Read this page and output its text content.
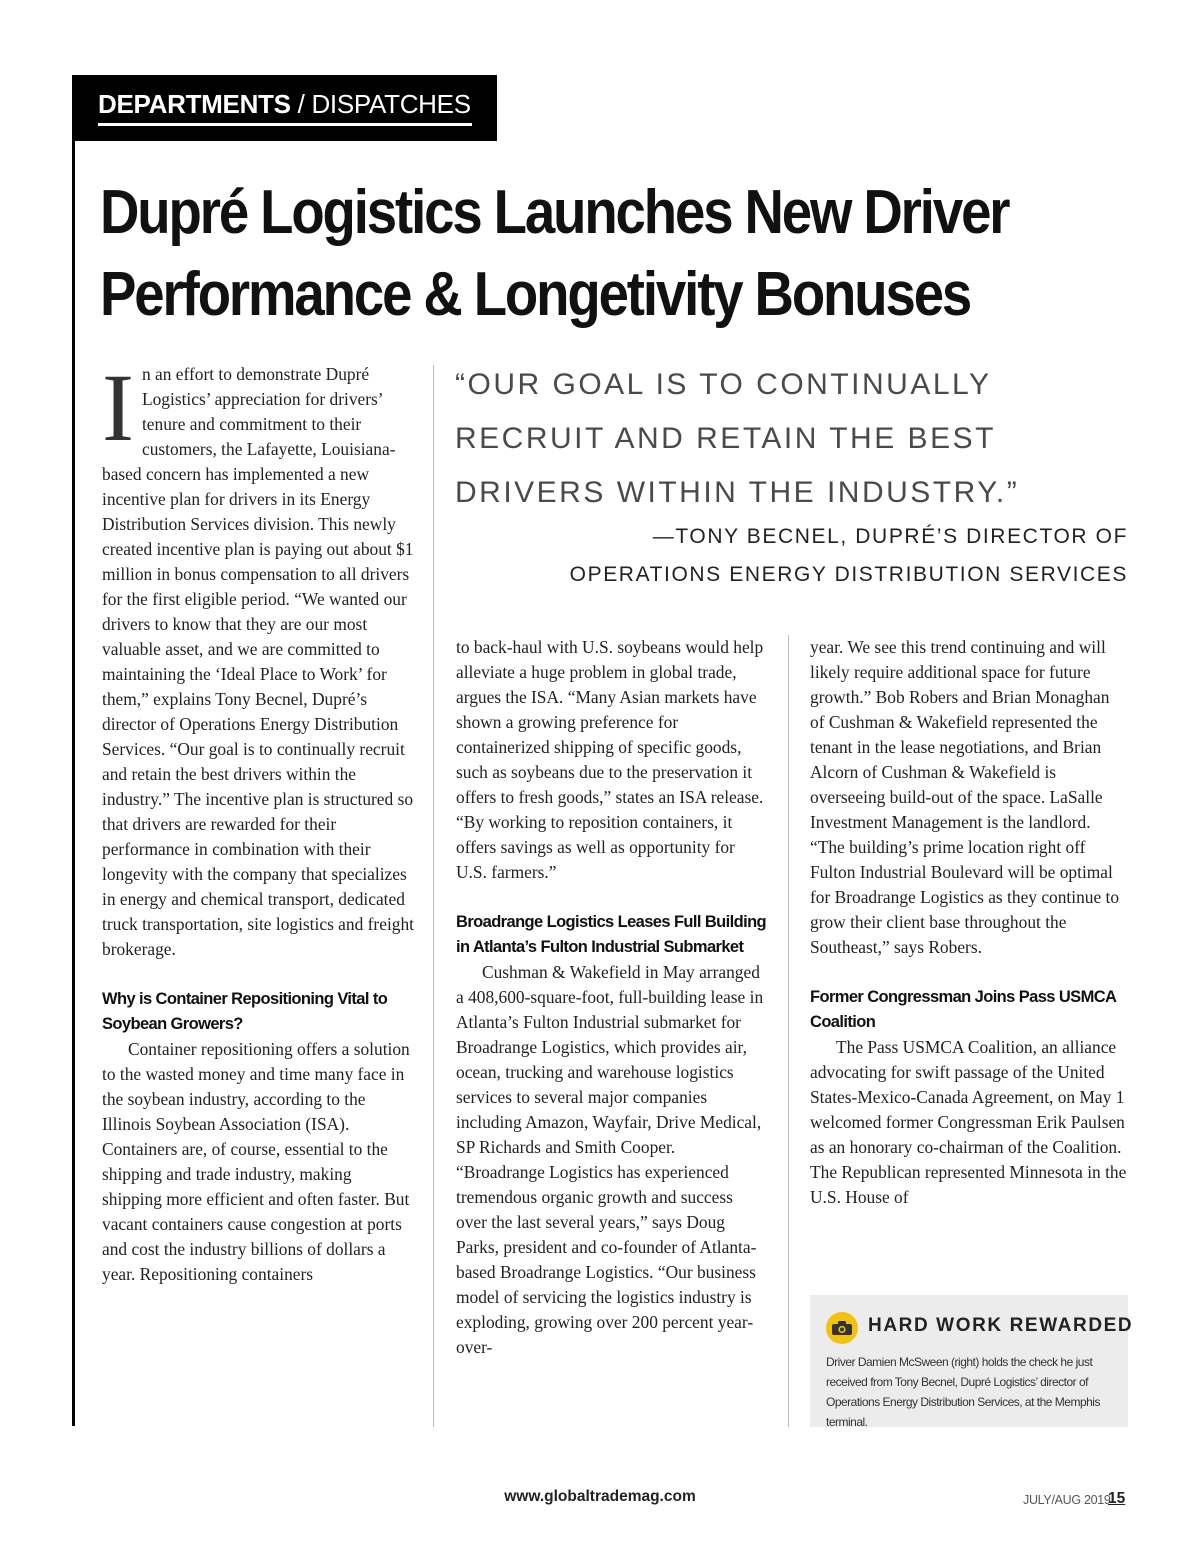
DEPARTMENTS / DISPATCHES
Dupré Logistics Launches New Driver
Performance & Longetivity Bonuses

“OUR GOAL IS TO CONTINUALLY RECRUIT AND RETAIN THE BEST DRIVERS WITHIN THE INDUSTRY.”

—TONY BECNEL, DUPRÉ’S DIRECTOR OF
OPERATIONS ENERGY DISTRIBUTION SERVICES

In an effort to demonstrate Dupré Logistics’ appreciation for drivers’ tenure and commitment to their customers, the Lafayette, Louisiana-based concern has implemented a new incentive plan for drivers in its Energy Distribution Services division. This newly created incentive plan is paying out about $1 million in bonus compensation to all drivers for the first eligible period. “We wanted our drivers to know that they are our most valuable asset, and we are committed to maintaining the ‘Ideal Place to Work’ for them,” explains Tony Becnel, Dupré’s director of Operations Energy Distribution Services. “Our goal is to continually recruit and retain the best drivers within the industry.” The incentive plan is structured so that drivers are rewarded for their performance in combination with their longevity with the company that specializes in energy and chemical transport, dedicated truck transportation, site logistics and freight brokerage.

Why is Container Repositioning Vital to Soybean Growers?

Container repositioning offers a solution to the wasted money and time many face in the soybean industry, according to the Illinois Soybean Association (ISA). Containers are, of course, essential to the shipping and trade industry, making shipping more efficient and often faster. But vacant containers cause congestion at ports and cost the industry billions of dollars a year. Repositioning containers

to back-haul with U.S. soybeans would help alleviate a huge problem in global trade, argues the ISA. “Many Asian markets have shown a growing preference for containerized shipping of specific goods, such as soybeans due to the preservation it offers to fresh goods,” states an ISA release. “By working to reposition containers, it offers savings as well as opportunity for U.S. farmers.”

Broadrange Logistics Leases Full Building in Atlanta’s Fulton Industrial Submarket

Cushman & Wakefield in May arranged a 408,600-square-foot, full-building lease in Atlanta’s Fulton Industrial submarket for Broadrange Logistics, which provides air, ocean, trucking and warehouse logistics services to several major companies including Amazon, Wayfair, Drive Medical, SP Richards and Smith Cooper. “Broadrange Logistics has experienced tremendous organic growth and success over the last several years,” says Doug Parks, president and co-founder of Atlanta-based Broadrange Logistics. “Our business model of servicing the logistics industry is exploding, growing over 200 percent year-over-

year. We see this trend continuing and will likely require additional space for future growth.” Bob Robers and Brian Monaghan of Cushman & Wakefield represented the tenant in the lease negotiations, and Brian Alcorn of Cushman & Wakefield is overseeing build-out of the space. LaSalle Investment Management is the landlord. “The building’s prime location right off Fulton Industrial Boulevard will be optimal for Broadrange Logistics as they continue to grow their client base throughout the Southeast,” says Robers.

Former Congressman Joins Pass USMCA Coalition

The Pass USMCA Coalition, an alliance advocating for swift passage of the United States-Mexico-Canada Agreement, on May 1 welcomed former Congressman Erik Paulsen as an honorary co-chairman of the Coalition. The Republican represented Minnesota in the U.S. House of

HARD WORK REWARDED
Driver Damien McSween (right) holds the check he just received from Tony Becnel, Dupré Logistics’ director of Operations Energy Distribution Services, at the Memphis terminal.
www.globaltrademag.com	JULY/AUG 2019
15
